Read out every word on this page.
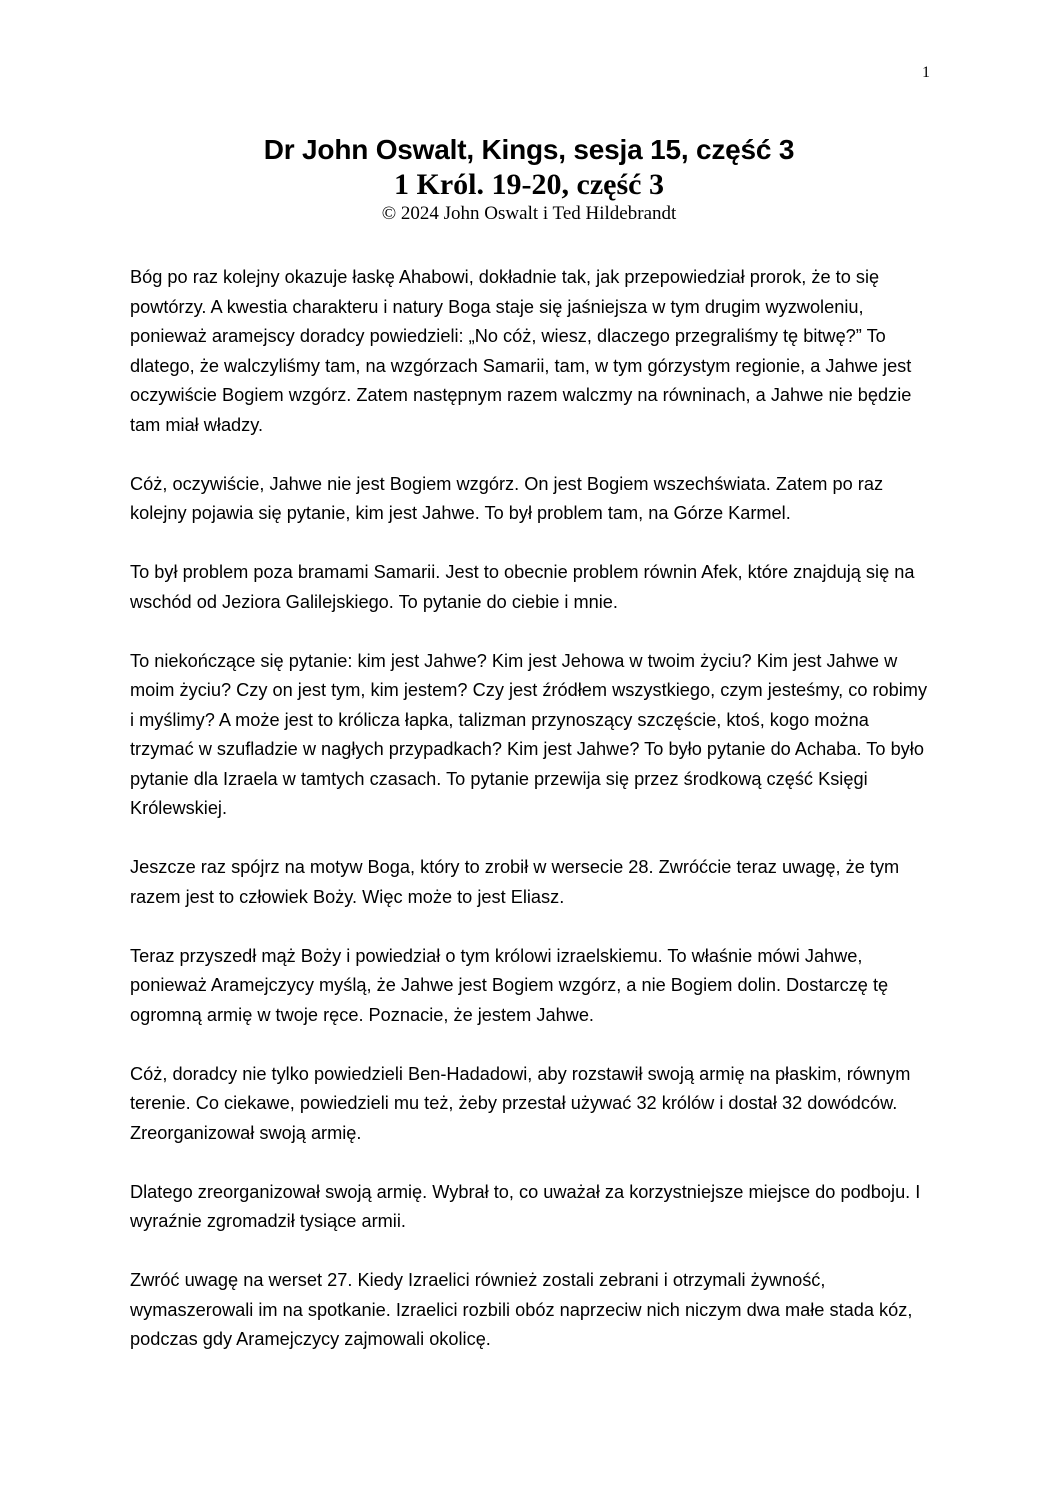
1
Dr John Oswalt, Kings, sesja 15, część 3
1 Król. 19-20, część 3

© 2024 John Oswalt i Ted Hildebrandt

Bóg po raz kolejny okazuje łaskę Ahabowi, dokładnie tak, jak przepowiedział prorok, że to się powtórzy. A kwestia charakteru i natury Boga staje się jaśniejsza w tym drugim wyzwoleniu, ponieważ aramejscy doradcy powiedzieli: „No cóż, wiesz, dlaczego przegraliśmy tę bitwę?” To dlatego, że walczyliśmy tam, na wzgórzach Samarii, tam, w tym górzystym regionie, a Jahwe jest oczywiście Bogiem wzgórz. Zatem następnym razem walczmy na równinach, a Jahwe nie będzie tam miał władzy.

Cóż, oczywiście, Jahwe nie jest Bogiem wzgórz. On jest Bogiem wszechświata. Zatem po raz kolejny pojawia się pytanie, kim jest Jahwe. To był problem tam, na Górze Karmel.

To był problem poza bramami Samarii. Jest to obecnie problem równin Afek, które znajdują się na wschód od Jeziora Galilejskiego. To pytanie do ciebie i mnie.

To niekończące się pytanie: kim jest Jahwe? Kim jest Jehowa w twoim życiu? Kim jest Jahwe w moim życiu? Czy on jest tym, kim jestem? Czy jest źródłem wszystkiego, czym jesteśmy, co robimy i myślimy? A może jest to królicza łapka, talizman przynoszący szczęście, ktoś, kogo można trzymać w szufladzie w nagłych przypadkach? Kim jest Jahwe? To było pytanie do Achaba. To było pytanie dla Izraela w tamtych czasach. To pytanie przewija się przez środkową część Księgi Królewskiej.

Jeszcze raz spójrz na motyw Boga, który to zrobił w wersecie 28. Zwróćcie teraz uwagę, że tym razem jest to człowiek Boży. Więc może to jest Eliasz.

Teraz przyszedł mąż Boży i powiedział o tym królowi izraelskiemu. To właśnie mówi Jahwe, ponieważ Aramejczycy myślą, że Jahwe jest Bogiem wzgórz, a nie Bogiem dolin. Dostarczę tę ogromną armię w twoje ręce. Poznacie, że jestem Jahwe.

Cóż, doradcy nie tylko powiedzieli Ben-Hadadowi, aby rozstawił swoją armię na płaskim, równym terenie. Co ciekawe, powiedzieli mu też, żeby przestał używać 32 królów i dostał 32 dowódców. Zreorganizował swoją armię.

Dlatego zreorganizował swoją armię. Wybrał to, co uważał za korzystniejsze miejsce do podboju. I wyraźnie zgromadził tysiące armii.

Zwróć uwagę na werset 27. Kiedy Izraelici również zostali zebrani i otrzymali żywność, wymaszerowali im na spotkanie. Izraelici rozbili obóz naprzeciw nich niczym dwa małe stada kóz, podczas gdy Aramejczycy zajmowali okolicę.
